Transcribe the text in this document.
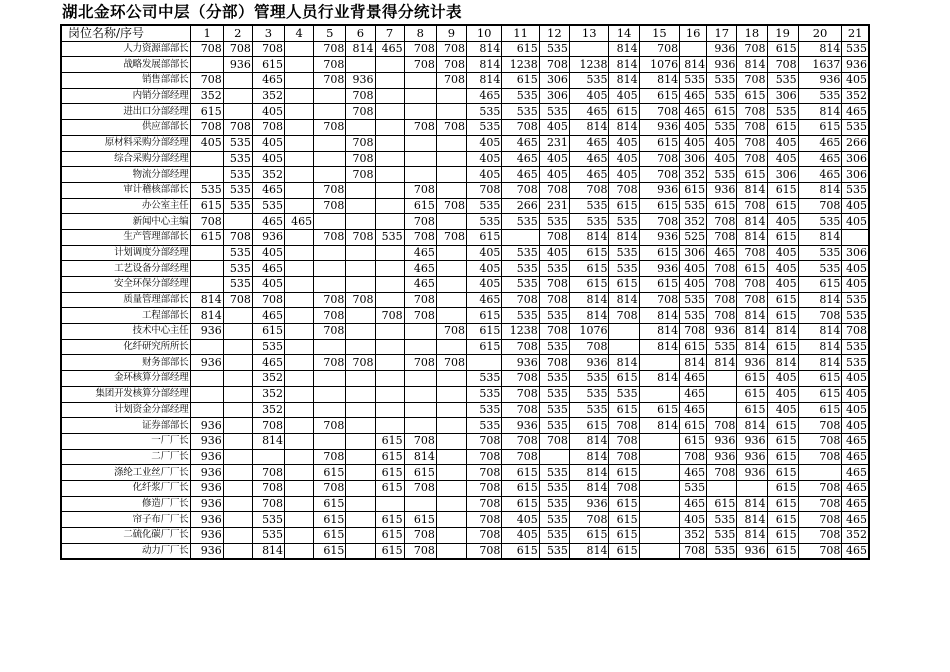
湖北金环公司中层（分部）管理人员行业背景得分统计表
岗位名称/序号	1	2	3	4	5	6	7	8	9	10	11	12	13	14	15	16	17	18	19	20	21
人力资源部部长	708	708	708		708	814	465	708	708	814	615	535		814	708		936	708	615	814	535
战略发展部部长		936	615		708			708	708	814	1238	708	1238	814	1076	814	936	814	708	1637	936
销售部部长	708		465		708	936			708	814	615	306	535	814	814	535	535	708	535	936	405
内销分部经理	352		352			708				465	535	306	405	405	615	465	535	615	306	535	352
进出口分部经理	615		405			708				535	535	535	465	615	708	465	615	708	535	814	465
供应部部长	708	708	708		708			708	708	535	708	405	814	814	936	405	535	708	615	615	535
原材料采购分部经理	405	535	405			708				405	465	231	465	405	615	405	405	708	405	465	266
综合采购分部经理		535	405			708				405	465	405	465	405	708	306	405	708	405	465	306
物流分部经理		535	352			708				405	465	405	465	405	708	352	535	615	306	465	306
审计稽核部部长	535	535	465		708			708		708	708	708	708	708	936	615	936	814	615	814	535
办公室主任	615	535	535		708			615	708	535	266	231	535	615	615	535	615	708	615	708	405
新闻中心主编	708		465	465				708		535	535	535	535	535	708	352	708	814	405	535	405
生产管理部部长	615	708	936		708	708	535	708	708	615		708	814	814	936	525	708	814	615	814	
计划调度分部经理		535	405					465		405	535	405	615	535	615	306	465	708	405	535	306
工艺设备分部经理		535	465					465		405	535	535	615	535	936	405	708	615	405	535	405
安全环保分部经理		535	405					465		405	535	708	615	615	615	405	708	708	405	615	405
质量管理部部长	814	708	708		708	708		708		465	708	708	814	814	708	535	708	708	615	814	535
工程部部长	814		465		708		708	708		615	535	535	814	708	814	535	708	814	615	708	535
技术中心主任	936		615		708				708	615	1238	708	1076		814	708	936	814	814	814	708
化纤研究所所长			535							615	708	535	708		814	615	535	814	615	814	535
财务部部长	936		465		708	708		708	708		936	708	936	814		814	814	936	814	814	535
金环核算分部经理			352							535	708	535	535	615	814	465		615	405	615	405
集团开发核算分部经理			352							535	708	535	535	535		465		615	405	615	405
计划资金分部经理			352							535	708	535	535	615	615	465		615	405	615	405
证券部部长	936		708		708					535	936	535	615	708	814	615	708	814	615	708	405
一厂厂长	936		814				615	708		708	708	708	814	708		615	936	936	615	708	465
二厂厂长	936				708		615	814		708	708		814	708		708	936	936	615	708	465
涤纶工业丝厂厂长	936		708		615		615	615		708	615	535	814	615		465	708	936	615		465
化纤浆厂厂长	936		708		708		615	708		708	615	535	814	708		535			615	708	465
修造厂厂长	936		708		615					708	615	535	936	615		465	615	814	615	708	465
帘子布厂厂长	936		535		615		615	615		708	405	535	708	615		405	535	814	615	708	465
二硫化碳厂厂长	936		535		615		615	708		708	405	535	615	615		352	535	814	615	708	352
动力厂厂长	936		814		615		615	708		708	615	535	814	615		708	535	936	615	708	465
